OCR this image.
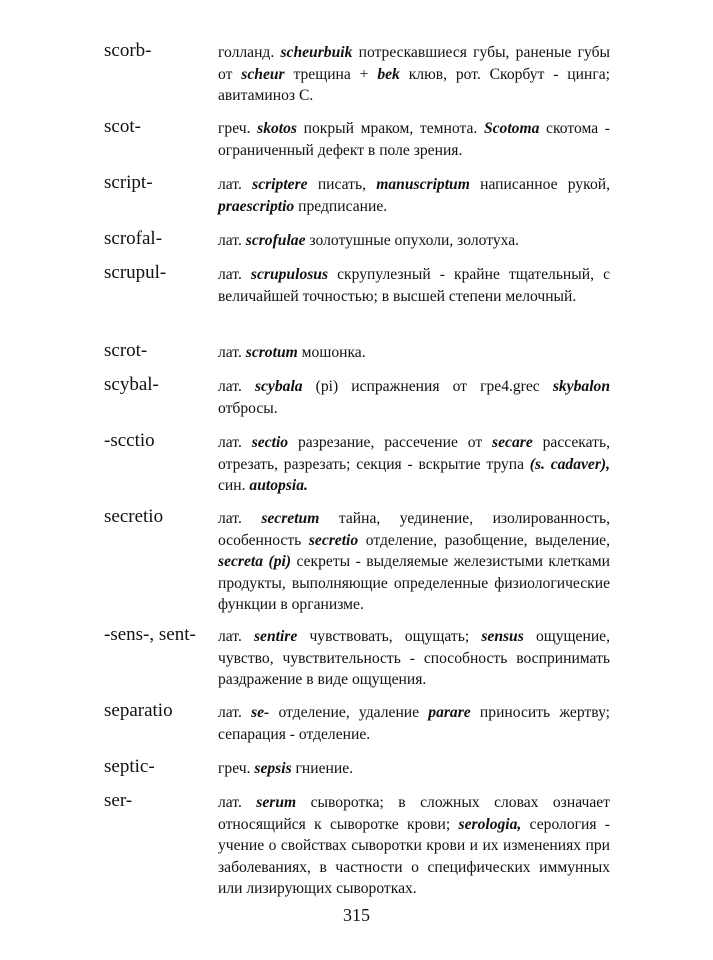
scorb-	голланд. scheurbuik потрескавшиеся губы, раненые губы от scheur трещина + bek клюв, рот. Скорбут - цинга; авитаминоз С.
scot-	греч. skotos покрый мраком, темнота. Scotoma скотома - ограниченный дефект в поле зрения.
script-	лат. scriptere писать, manuscriptum написанное рукой, praescriptio предписание.
scrofal-	лат. scrofulae золотушные опухоли, золотуха.
scrupul-	лат. scrupulosus скрупулезный - крайне тщательный, с величайшей точностью; в высшей степени мелочный.
scrot-	лат. scrotum мошонка.
scybal-	лат. scybala (pi) испражнения от гре4.grec skybalon отбросы.
-scctio	лат. sectio разрезание, рассечение от secare рассекать, отрезать, разрезать; секция - вскрытие трупа (s. cadaver), син. autopsia.
secretio	лат. secretum тайна, уединение, изолированность, особенность secretio отделение, разобщение, выделение, secreta (pi) секреты - выделяемые железистыми клетками продукты, выполняющие определенные физиологические функции в организме.
-sens-, sent-	лат. sentire чувствовать, ощущать; sensus ощущение, чувство, чувствительность - способность воспринимать раздражение в виде ощущения.
separatio	лат. se- отделение, удаление parare приносить жертву; сепарация - отделение.
septic-	греч. sepsis гниение.
ser-	лат. serum сыворотка; в сложных словах означает относящийся к сыворотке крови; serologia, серология - учение о свойствах сыворотки крови и их изменениях при заболеваниях, в частности о специфических иммунных или лизирующих сыворотках.
315
